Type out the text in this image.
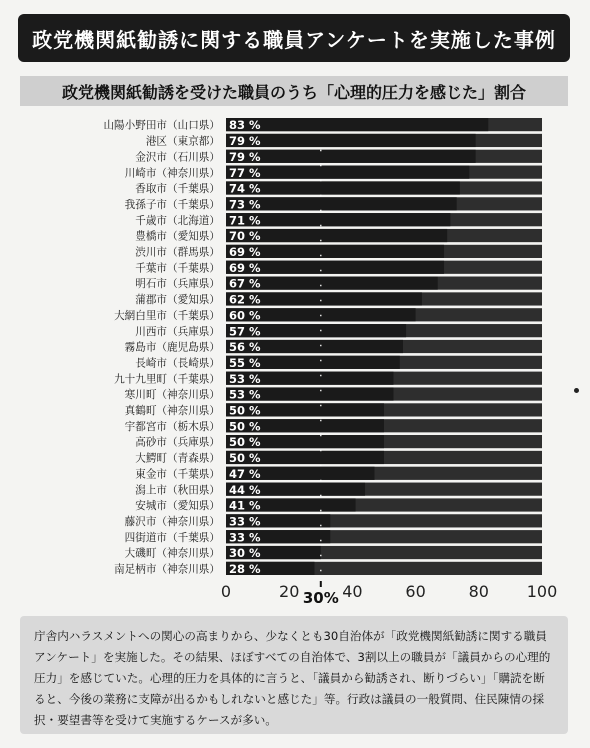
政党機関紙勧誘に関する職員アンケートを実施した事例
政党機関紙勧誘を受けた職員のうち「心理的圧力を感じた」割合
山陽小野田市（山口県） 83 %
港区（東京都） 79 %
金沢市（石川県） 79 %
川崎市（神奈川県） 77 %
香取市（千葉県） 74 %
我孫子市（千葉県） 73 %
千歳市（北海道） 71 %
豊橋市（愛知県） 70 %
渋川市（群馬県） 69 %
千葉市（千葉県） 69 %
明石市（兵庫県） 67 %
蒲郡市（愛知県） 62 %
大網白里市（千葉県） 60 %
川西市（兵庫県） 57 %
霧島市（鹿児島県） 56 %
長崎市（長崎県） 55 %
九十九里町（千葉県） 53 %
寒川町（神奈川県） 53 %
真鶴町（神奈川県） 50 %
宇都宮市（栃木県） 50 %
高砂市（兵庫県） 50 %
大鰐町（青森県） 50 %
東金市（千葉県） 47 %
潟上市（秋田県） 44 %
安城市（愛知県） 41 %
藤沢市（神奈川県） 33 %
四街道市（千葉県） 33 %
大磯町（神奈川県） 30 %
南足柄市（神奈川県） 28 %
0	20	40	60	80 100
30%
庁舎内ハラスメントへの関心の高まりから、少なくとも30自治体が「政党機関紙勧誘に関する職員アンケート」を実施した。その結果、ほぼすべての自治体で、3割以上の職員が「議員からの心理的圧力」を感じていた。心理的圧力を具体的に言うと、「議員から勧誘され、断りづらい」「購読を断ると、今後の業務に支障が出るかもしれないと感じた」等。行政は議員の一般質問、住民陳情の採択・要望書等を受けて実施するケースが多い。
